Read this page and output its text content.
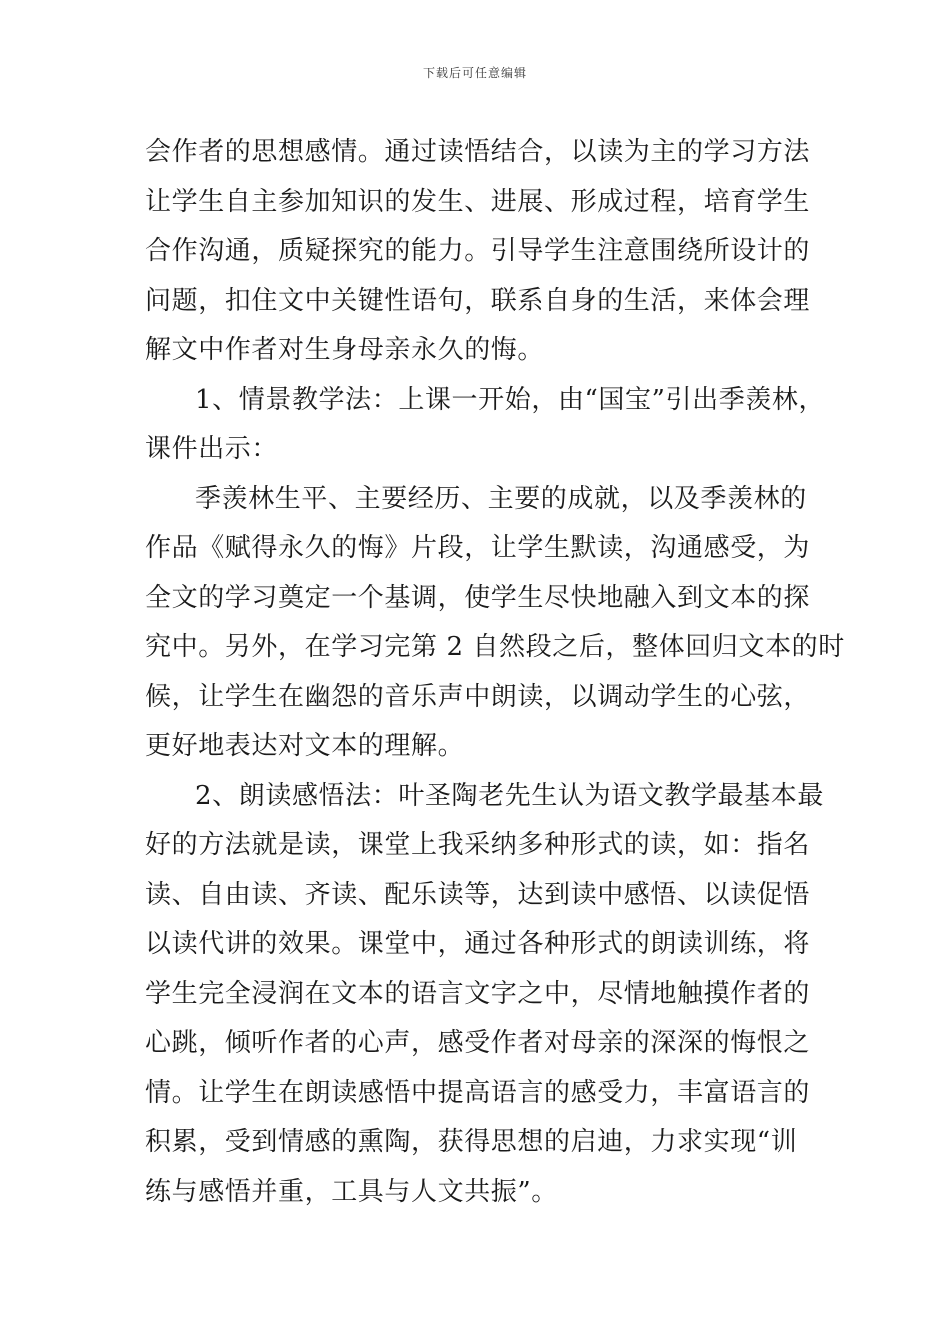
下载后可任意编辑
会作者的思想感情。通过读悟结合，以读为主的学习方法
让学生自主参加知识的发生、进展、形成过程，培育学生
合作沟通，质疑探究的能力。引导学生注意围绕所设计的
问题，扣住文中关键性语句，联系自身的生活，来体会理
解文中作者对生身母亲永久的悔。
1、情景教学法：上课一开始，由“国宝”引出季羡林，
课件出示：
季羡林生平、主要经历、主要的成就，以及季羡林的
作品《赋得永久的悔》片段，让学生默读，沟通感受，为
全文的学习奠定一个基调，使学生尽快地融入到文本的探
究中。另外，在学习完第 2 自然段之后，整体回归文本的时
候，让学生在幽怨的音乐声中朗读，以调动学生的心弦，
更好地表达对文本的理解。
2、朗读感悟法：叶圣陶老先生认为语文教学最基本最
好的方法就是读，课堂上我采纳多种形式的读，如：指名
读、自由读、齐读、配乐读等，达到读中感悟、以读促悟
以读代讲的效果。课堂中，通过各种形式的朗读训练，将
学生完全浸润在文本的语言文字之中，尽情地触摸作者的
心跳，倾听作者的心声，感受作者对母亲的深深的悔恨之
情。让学生在朗读感悟中提高语言的感受力，丰富语言的
积累，受到情感的熏陶，获得思想的启迪，力求实现“训
练与感悟并重，工具与人文共振”。
